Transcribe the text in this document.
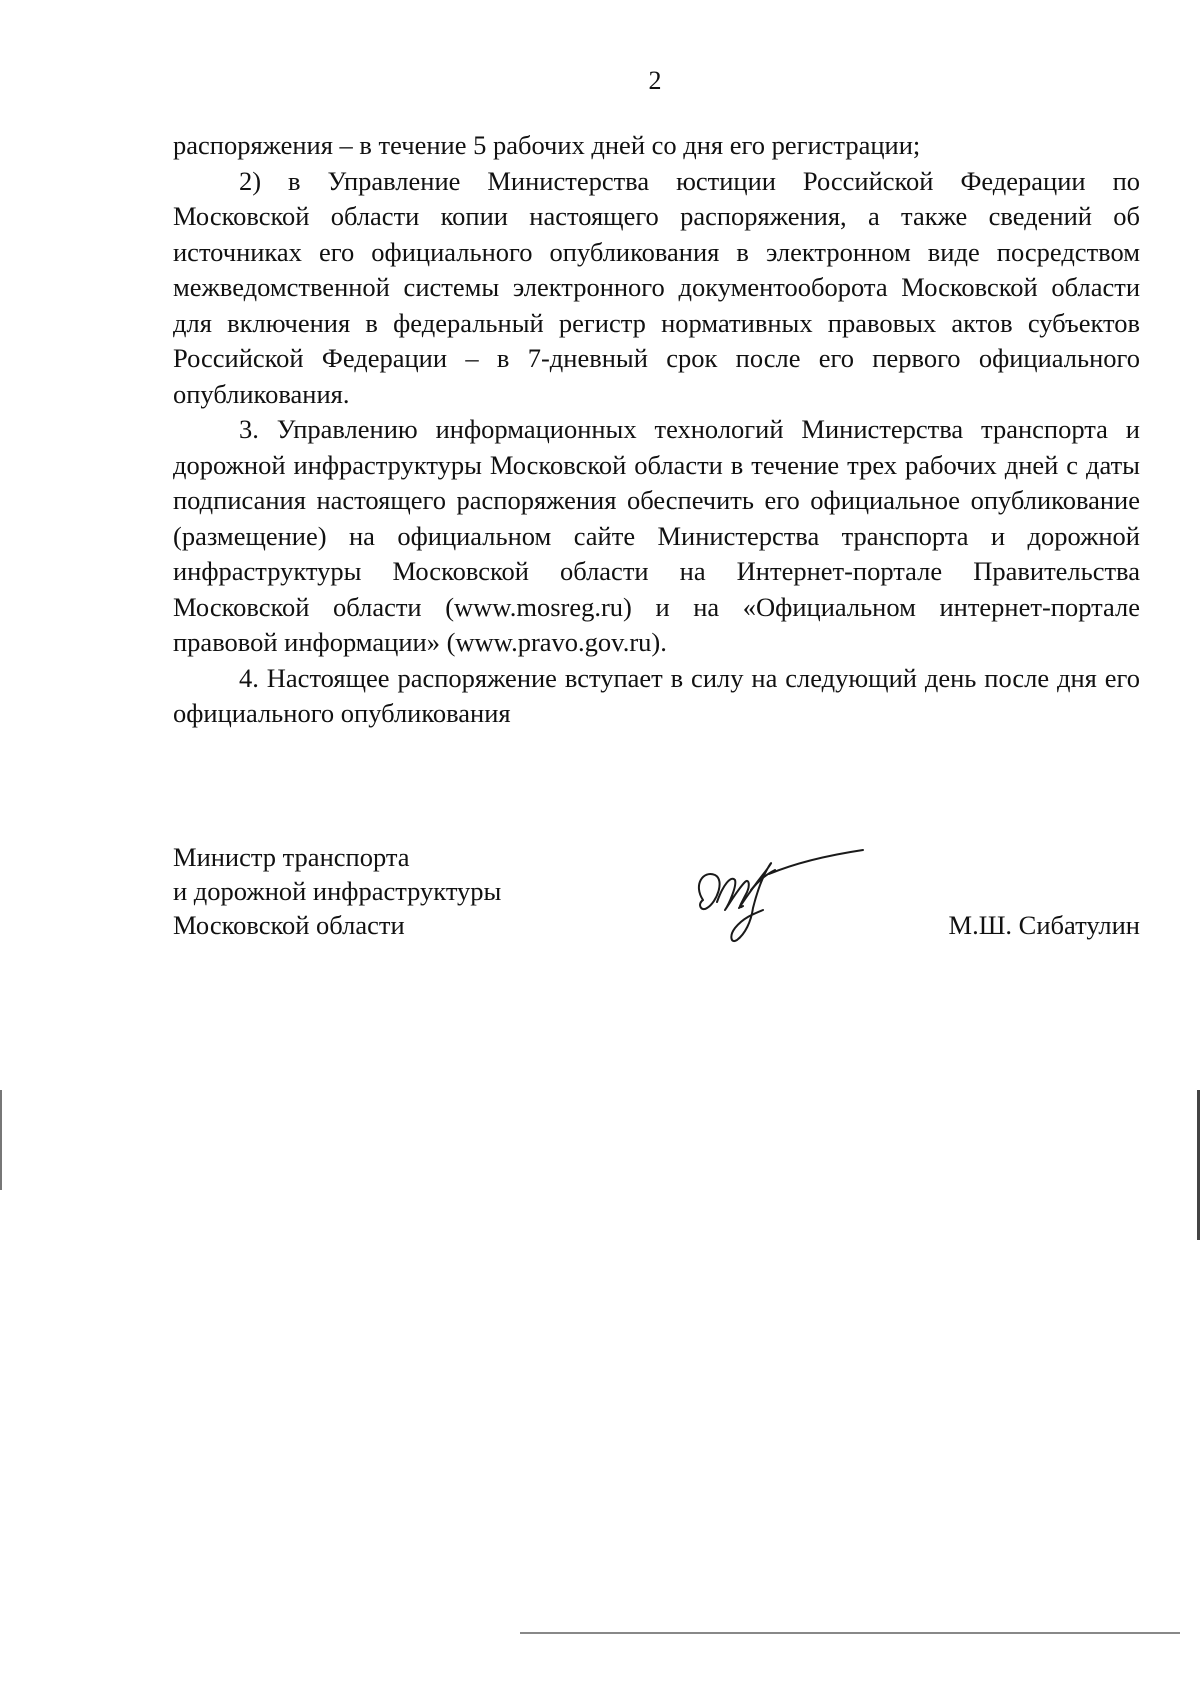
2

распоряжения – в течение 5 рабочих дней со дня его регистрации;

2) в Управление Министерства юстиции Российской Федерации по Московской области копии настоящего распоряжения, а также сведений об источниках его официального опубликования в электронном виде посредством межведомственной системы электронного документооборота Московской области для включения в федеральный регистр нормативных правовых актов субъектов Российской Федерации – в 7-дневный срок после его первого официального опубликования.

3. Управлению информационных технологий Министерства транспорта и дорожной инфраструктуры Московской области в течение трех рабочих дней с даты подписания настоящего распоряжения обеспечить его официальное опубликование (размещение) на официальном сайте Министерства транспорта и дорожной инфраструктуры Московской области на Интернет-портале Правительства Московской области (www.mosreg.ru) и на «Официальном интернет-портале правовой информации» (www.pravo.gov.ru).

4. Настоящее распоряжение вступает в силу на следующий день после дня его официального опубликования

Министр транспорта
и дорожной инфраструктуры
Московской области	М.Ш. Сибатулин
